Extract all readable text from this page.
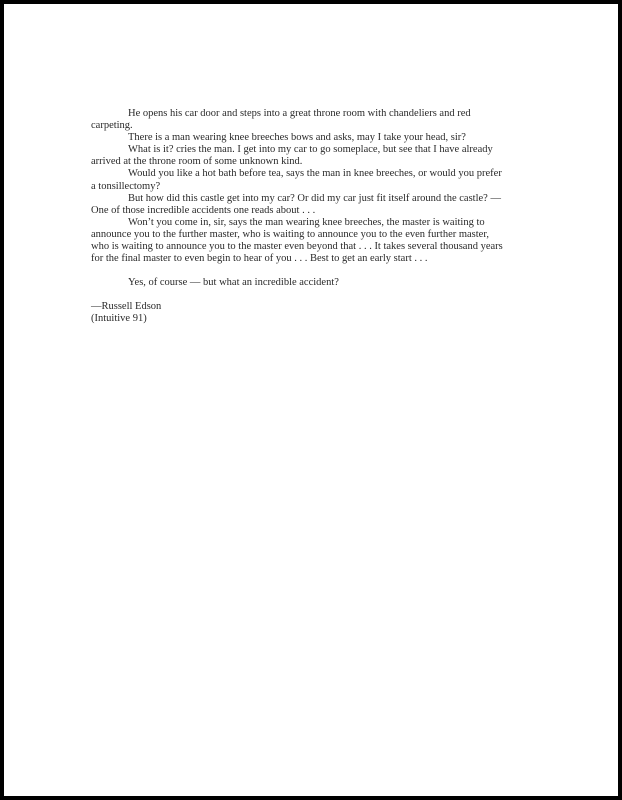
He opens his car door and steps into a great throne room with chandeliers and red
carpeting.

There is a man wearing knee breeches bows and asks, may I take your head, sir?

What is it? cries the man. I get into my car to go someplace, but see that I have already
arrived at the throne room of some unknown kind.

Would you like a hot bath before tea, says the man in knee breeches, or would you prefer
a tonsillectomy?

But how did this castle get into my car? Or did my car just fit itself around the castle? —
One of those incredible accidents one reads about . . .

Won’t you come in, sir, says the man wearing knee breeches, the master is waiting to
announce you to the further master, who is waiting to announce you to the even further master,
who is waiting to announce you to the master even beyond that . . . It takes several thousand years
for the final master to even begin to hear of you . . . Best to get an early start . . .

Yes, of course — but what an incredible accident?

—Russell Edson

(Intuitive 91)
